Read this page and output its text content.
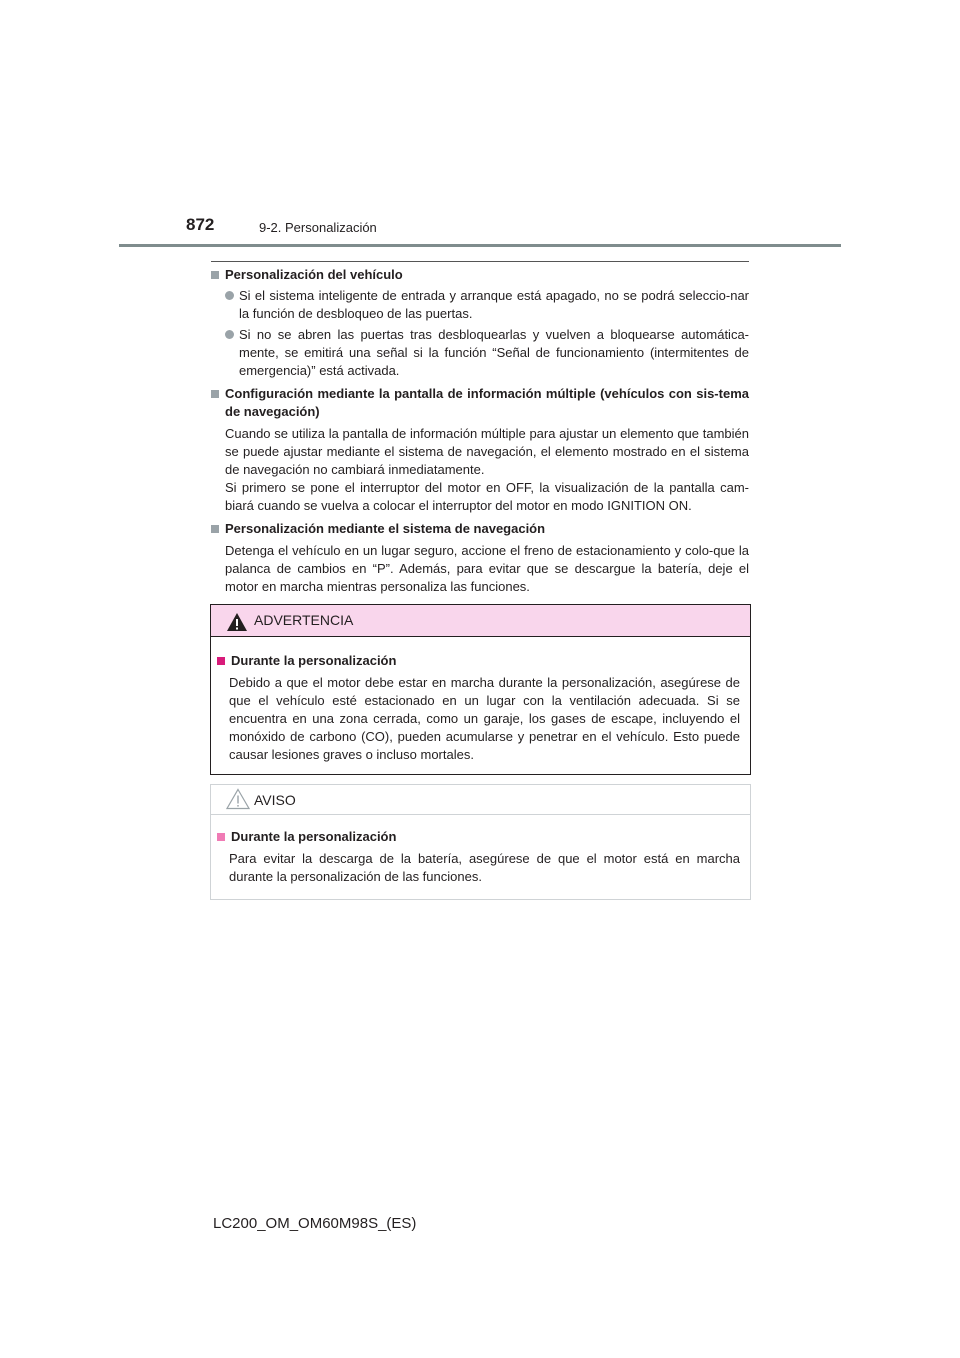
872	9-2. Personalización
Personalización del vehículo
Si el sistema inteligente de entrada y arranque está apagado, no se podrá seleccio-nar la función de desbloqueo de las puertas.
Si no se abren las puertas tras desbloquearlas y vuelven a bloquearse automática-mente, se emitirá una señal si la función “Señal de funcionamiento (intermitentes de emergencia)” está activada.
Configuración mediante la pantalla de información múltiple (vehículos con sis-tema de navegación)
Cuando se utiliza la pantalla de información múltiple para ajustar un elemento que también se puede ajustar mediante el sistema de navegación, el elemento mostrado en el sistema de navegación no cambiará inmediatamente.
Si primero se pone el interruptor del motor en OFF, la visualización de la pantalla cam-biará cuando se vuelva a colocar el interruptor del motor en modo IGNITION ON.
Personalización mediante el sistema de navegación
Detenga el vehículo en un lugar seguro, accione el freno de estacionamiento y colo-que la palanca de cambios en “P”. Además, para evitar que se descargue la batería, deje el motor en marcha mientras personaliza las funciones.
ADVERTENCIA
Durante la personalización
Debido a que el motor debe estar en marcha durante la personalización, asegúrese de que el vehículo esté estacionado en un lugar con la ventilación adecuada. Si se encuentra en una zona cerrada, como un garaje, los gases de escape, incluyendo el monóxido de carbono (CO), pueden acumularse y penetrar en el vehículo. Esto puede causar lesiones graves o incluso mortales.
AVISO
Durante la personalización
Para evitar la descarga de la batería, asegúrese de que el motor está en marcha durante la personalización de las funciones.
LC200_OM_OM60M98S_(ES)
